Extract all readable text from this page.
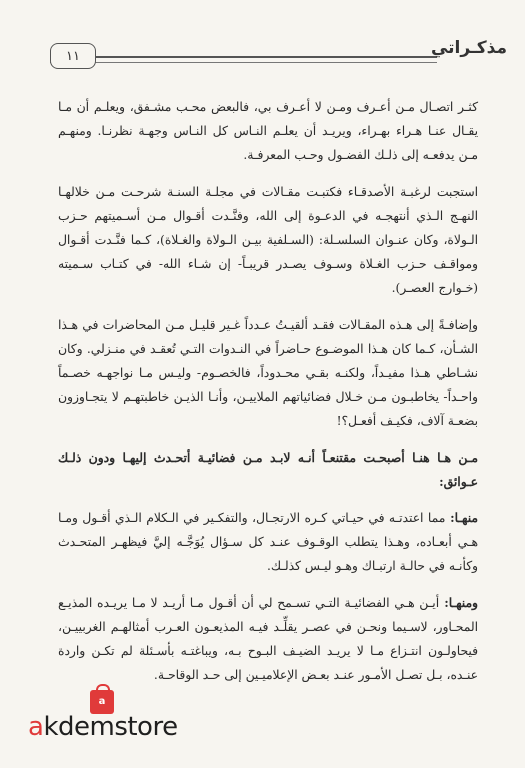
١١	مذكـراتي

كثـر اتصـال مـن أعـرف ومـن لا أعـرف بي، فالبعض محـب مشـفق، ويعلـم أن مـا يقـال عنـا هـراء بهـراء، ويريـد أن يعلـم النـاس كل النـاس وجهـة نظرنـا. ومنهـم مـن يدفعـه إلى ذلـك الفضـول وحـب المعرفـة.

استجبت لرغبـة الأصدقـاء فكتبـت مقـالات في مجلـة السنـة شرحـت مـن خلالهـا النهـج الـذي أنتهجـه في الدعـوة إلى الله، وفنَّـدت أقـوال مـن أسـميتهم حـزب الـولاة، وكان عنـوان السلسـلة: (السـلفية بيـن الـولاة والغـلاة)، كـما فنَّـدت أقـوال ومواقـف حـزب الغـلاة وسـوف يصـدر قريبـاً- إن شـاء الله- في كتـاب سـميته (خـوارج العصـر).

وإضافـةً إلى هـذه المقـالات فقـد ألقيـتُ عـدداً غـير قليـل مـن المحاضرات في هـذا الشـأن، كـما كان هـذا الموضـوع حـاضراً في النـدوات التـي تُعقـد في منـزلي. وكان نشـاطي هـذا مفيـداً، ولكنـه بقـي محـدوداً، فالخصـوم- وليـس مـا نواجهـه خصـماً واحـداً- يخاطبـون مـن خـلال فضائياتهم الملاييـن، وأنـا الذيـن خاطبتهـم لا يتجـاوزون بضعـة آلاف، فكيـف أفعـل؟!

مـن هـا هنـا أصبحـت مقتنعـاً أنـه لابـد مـن فضائيـة أتحـدث إليهـا ودون ذلـك عـوائق:

منهـا: مما اعتدتـه في حيـاتي كـره الارتجـال، والتفكـير في الـكلام الـذي أقـول ومـا هـي أبعـاده، وهـذا يتطلب الوقـوف عنـد كل سـؤال يُوَجَّـه إليَّ فيظهـر المتحـدث وكأنـه في حالـة ارتبـاك وهـو ليـس كذلـك.

ومنهـا: أيـن هـي الفضائيـة التـي تسـمح لي أن أقـول مـا أريـد لا مـا يريـده المذيـع المحـاور، لاسـيما ونحـن في عصـر يقلِّـد فيـه المذيعـون العـرب أمثالهـم الغربييـن، فيحاولـون انتـزاع مـا لا يريـد الضيـف البـوح بـه، ويباغتـه بأسـئلة لم تكـن واردة عنـده، بـل تصـل الأمـور عنـد بعـض الإعلاميـين إلى حـد الوقاحـة.

a
akdemstore
